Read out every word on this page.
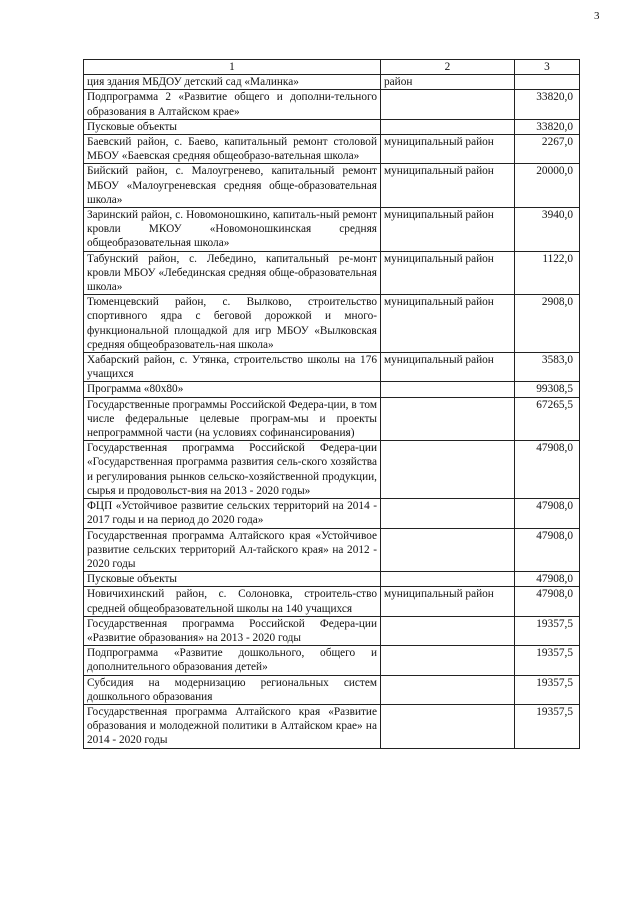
3
1	2	3
ция здания МБДОУ детский сад «Малинка»	район	
Подпрограмма 2 «Развитие общего и дополни-тельного образования в Алтайском крае»		33820,0
Пусковые объекты		33820,0
Баевский район, с. Баево, капитальный ремонт столовой МБОУ «Баевская средняя общеобразо-вательная школа»	муниципальный район	2267,0
Бийский район, с. Малоугренево, капитальный ремонт МБОУ «Малоугреневская средняя обще-образовательная школа»	муниципальный район	20000,0
Заринский район, с. Новомоношкино, капиталь-ный ремонт кровли МКОУ «Новомоношкинская средняя общеобразовательная школа»	муниципальный район	3940,0
Табунский район, с. Лебедино, капитальный ре-монт кровли МБОУ «Лебединская средняя обще-образовательная школа»	муниципальный район	1122,0
Тюменцевский район, с. Вылково, строительство спортивного ядра с беговой дорожкой и много-функциональной площадкой для игр МБОУ «Вылковская средняя общеобразователь-ная школа»	муниципальный район	2908,0
Хабарский район, с. Утянка, строительство школы на 176 учащихся	муниципальный район	3583,0
Программа «80х80»		99308,5
Государственные программы Российской Федера-ции, в том числе федеральные целевые програм-мы и проекты непрограммной части (на условиях софинансирования)		67265,5
Государственная программа Российской Федера-ции «Государственная программа развития сель-ского хозяйства и регулирования рынков сельско-хозяйственной продукции, сырья и продовольст-вия на 2013 - 2020 годы»		47908,0
ФЦП «Устойчивое развитие сельских территорий на 2014 - 2017 годы и на период до 2020 года»		47908,0
Государственная программа Алтайского края «Устойчивое развитие сельских территорий Ал-тайского края» на 2012 - 2020 годы		47908,0
Пусковые объекты		47908,0
Новичихинский район, с. Солоновка, строитель-ство средней общеобразовательной школы на 140 учащихся	муниципальный район	47908,0
Государственная программа Российской Федера-ции «Развитие образования» на 2013 - 2020 годы		19357,5
Подпрограмма «Развитие дошкольного, общего и дополнительного образования детей»		19357,5
Субсидия на модернизацию региональных систем дошкольного образования		19357,5
Государственная программа Алтайского края «Развитие образования и молодежной политики в Алтайском крае» на 2014 - 2020 годы		19357,5
